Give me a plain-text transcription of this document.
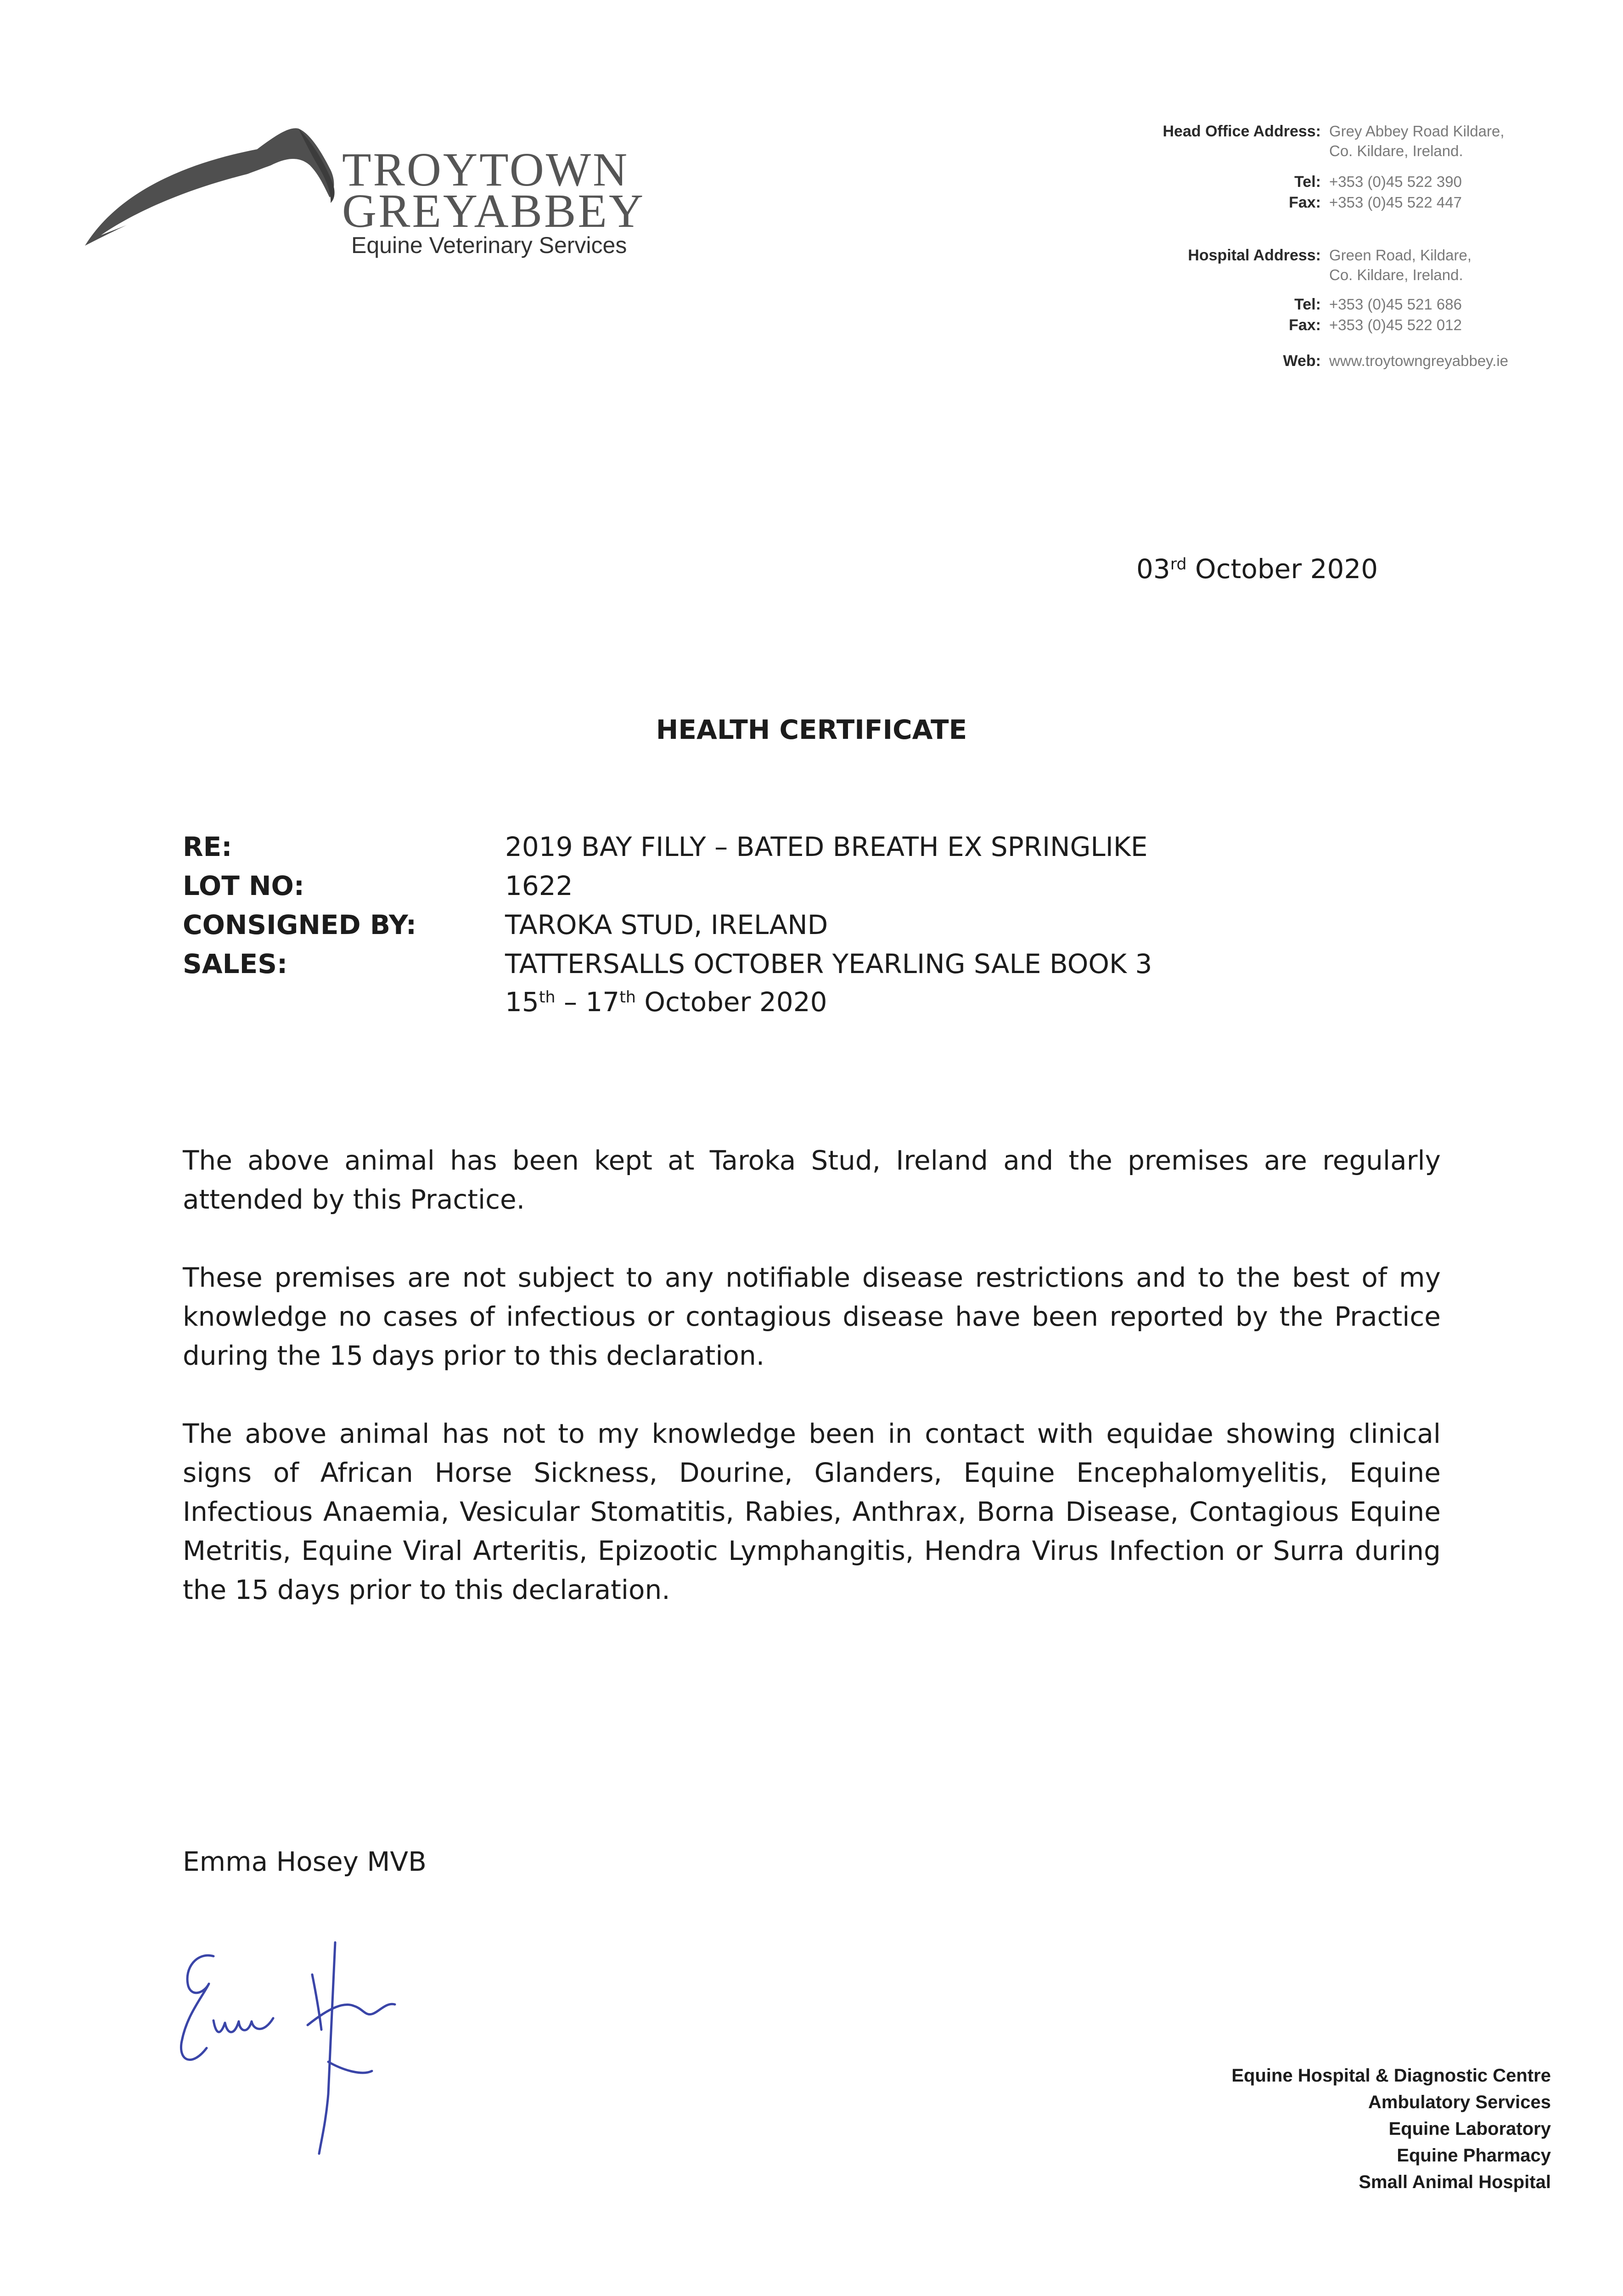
TROYTOWN
GREYABBEY
Equine Veterinary Services
Head Office Address: Grey Abbey Road Kildare,
Co. Kildare, Ireland.
Tel: +353 (0)45 522 390
Fax: +353 (0)45 522 447
Hospital Address: Green Road, Kildare,
Co. Kildare, Ireland.
Tel: +353 (0)45 521 686
Fax: +353 (0)45 522 012
Web: www.troytowngreyabbey.ie
03rd October 2020
HEALTH CERTIFICATE
RE:	2019 BAY FILLY – BATED BREATH EX SPRINGLIKE
LOT NO:	1622
CONSIGNED BY:	TAROKA STUD, IRELAND
SALES:	TATTERSALLS OCTOBER YEARLING SALE BOOK 3
15th – 17th October 2020

The above animal has been kept at Taroka Stud, Ireland and the premises are regularly attended by this Practice.

These premises are not subject to any notifiable disease restrictions and to the best of my knowledge no cases of infectious or contagious disease have been reported by the Practice during the 15 days prior to this declaration.

The above animal has not to my knowledge been in contact with equidae showing clinical signs of African Horse Sickness, Dourine, Glanders, Equine Encephalomyelitis, Equine Infectious Anaemia, Vesicular Stomatitis, Rabies, Anthrax, Borna Disease, Contagious Equine Metritis, Equine Viral Arteritis, Epizootic Lymphangitis, Hendra Virus Infection or Surra during the 15 days prior to this declaration.

Emma Hosey MVB
Equine Hospital & Diagnostic Centre
Ambulatory Services
Equine Laboratory
Equine Pharmacy
Small Animal Hospital
